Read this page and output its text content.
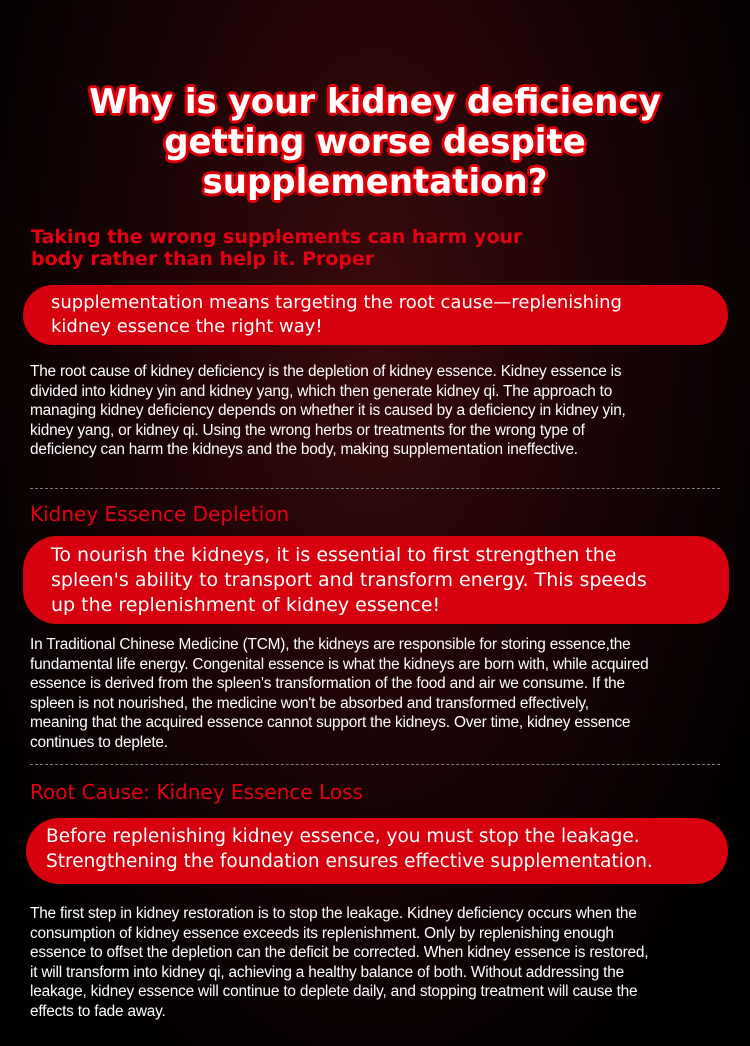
Why is your kidney deficiency
getting worse despite
supplementation?
Taking the wrong supplements can harm your
body rather than help it. Proper
supplementation means targeting the root cause—replenishing
kidney essence the right way!
The root cause of kidney deficiency is the depletion of kidney essence. Kidney essence is
divided into kidney yin and kidney yang, which then generate kidney qi. The approach to
managing kidney deficiency depends on whether it is caused by a deficiency in kidney yin,
kidney yang, or kidney qi. Using the wrong herbs or treatments for the wrong type of
deficiency can harm the kidneys and the body, making supplementation ineffective.
Kidney Essence Depletion
To nourish the kidneys, it is essential to first strengthen the
spleen's ability to transport and transform energy. This speeds
up the replenishment of kidney essence!
In Traditional Chinese Medicine (TCM), the kidneys are responsible for storing essence,the
fundamental life energy. Congenital essence is what the kidneys are born with, while acquired
essence is derived from the spleen's transformation of the food and air we consume. If the
spleen is not nourished, the medicine won't be absorbed and transformed effectively,
meaning that the acquired essence cannot support the kidneys. Over time, kidney essence
continues to deplete.
Root Cause: Kidney Essence Loss
Before replenishing kidney essence, you must stop the leakage.
Strengthening the foundation ensures effective supplementation.
The first step in kidney restoration is to stop the leakage. Kidney deficiency occurs when the
consumption of kidney essence exceeds its replenishment. Only by replenishing enough
essence to offset the depletion can the deficit be corrected. When kidney essence is restored,
it will transform into kidney qi, achieving a healthy balance of both. Without addressing the
leakage, kidney essence will continue to deplete daily, and stopping treatment will cause the
effects to fade away.
